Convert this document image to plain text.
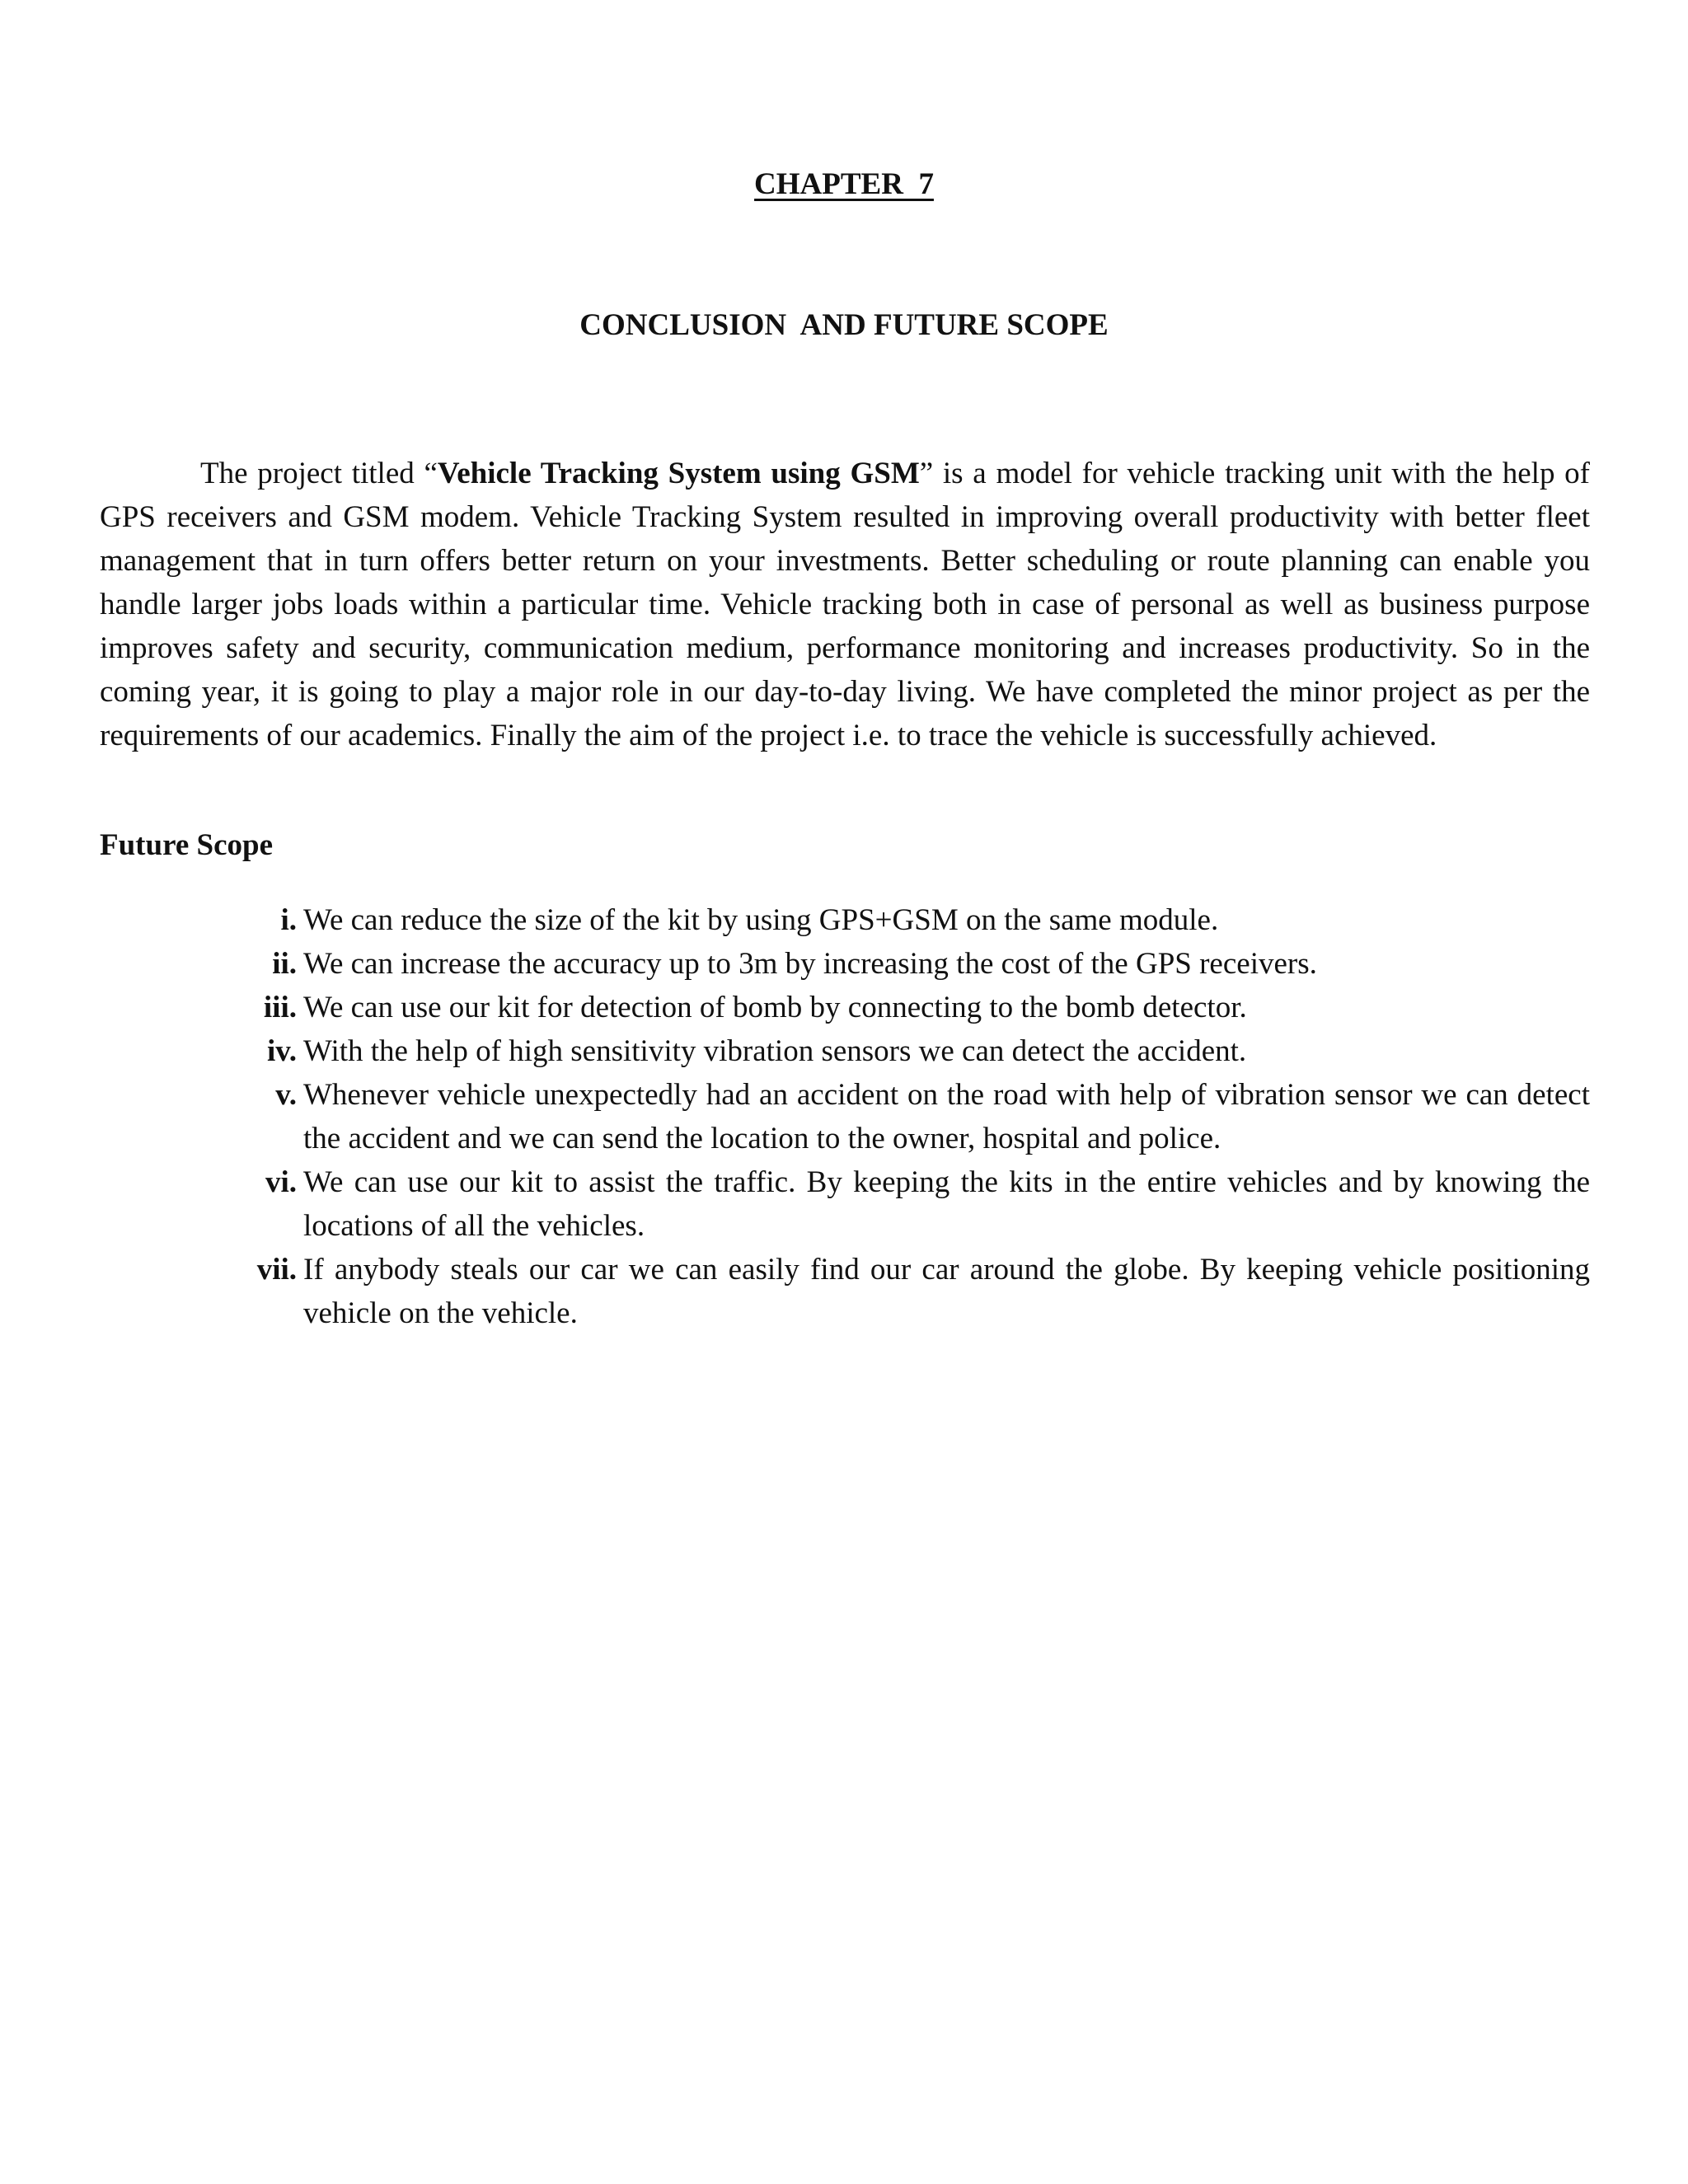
CHAPTER  7
CONCLUSION  AND FUTURE SCOPE

The project titled “Vehicle Tracking System using GSM” is a model for vehicle tracking unit with the help of GPS receivers and GSM modem. Vehicle Tracking System resulted in improving overall productivity with better fleet management that in turn offers better return on your investments. Better scheduling or route planning can enable you handle larger jobs loads within a particular time. Vehicle tracking both in case of personal as well as business purpose improves safety and security, communication medium, performance monitoring and increases productivity. So in the coming year, it is going to play a major role in our day-to-day living. We have completed the minor project as per the requirements of our academics. Finally the aim of the project i.e. to trace the vehicle is successfully achieved.

Future Scope
i. We can reduce the size of the kit by using GPS+GSM on the same module.
ii. We can increase the accuracy up to 3m by increasing the cost of the GPS receivers.
iii. We can use our kit for detection of bomb by connecting to the bomb detector.
iv. With the help of high sensitivity vibration sensors we can detect the accident.
v. Whenever vehicle unexpectedly had an accident on the road with help of vibration sensor we can detect the accident and we can send the location to the owner, hospital and police.
vi. We can use our kit to assist the traffic. By keeping the kits in the entire vehicles and by knowing the locations of all the vehicles.
vii. If anybody steals our car we can easily find our car around the globe. By keeping vehicle positioning vehicle on the vehicle.
